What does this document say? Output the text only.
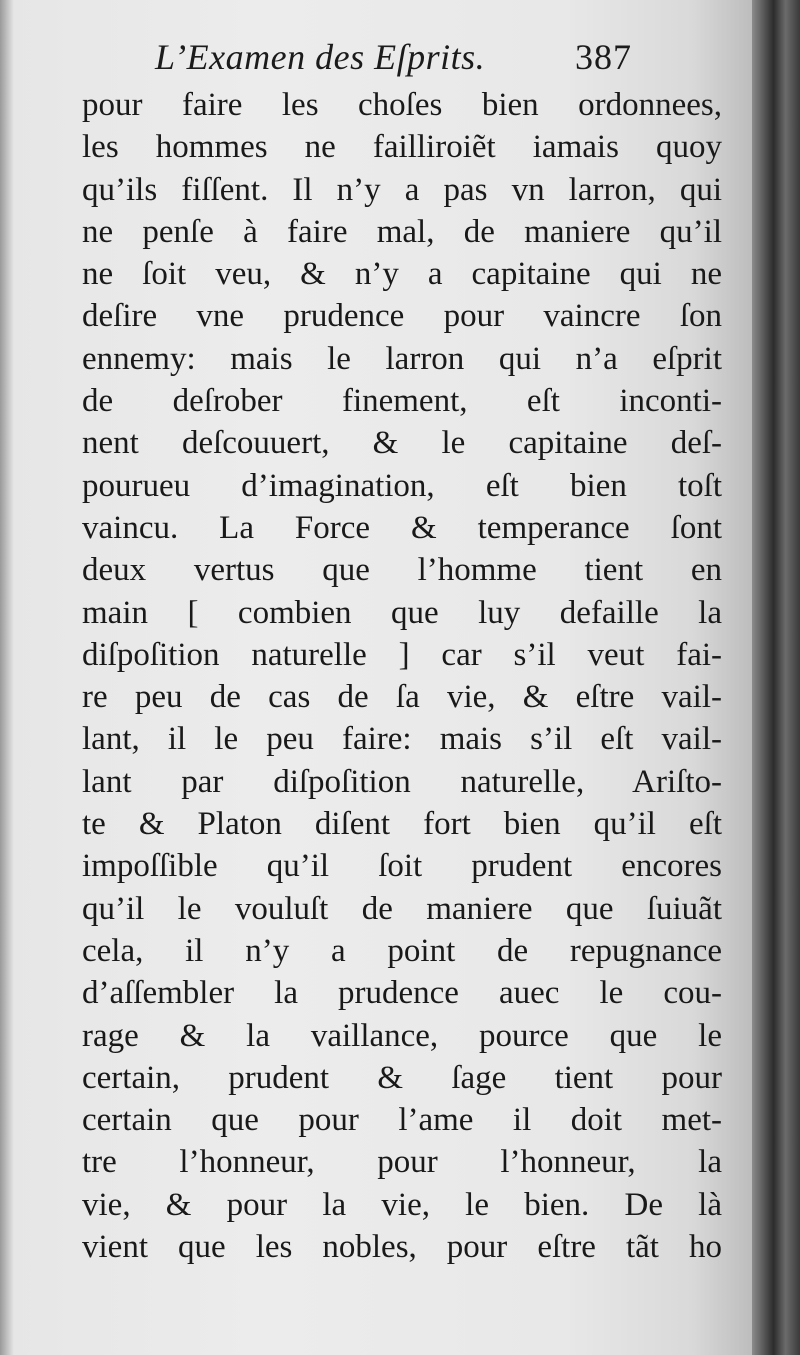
L’Examen des Eſprits. 387
pour faire les choſes bien ordonnees,
les hommes ne failliroiẽt iamais quoy
qu’ils fiſſent. Il n’y a pas vn larron, qui
ne penſe à faire mal, de maniere qu’il
ne ſoit veu, & n’y a capitaine qui ne
deſire vne prudence pour vaincre ſon
ennemy: mais le larron qui n’a eſprit
de deſrober finement, eſt inconti-
nent deſcouuert, & le capitaine deſ-
pourueu d’imagination, eſt bien toſt
vaincu. La Force & temperance ſont
deux vertus que l’homme tient en
main [ combien que luy defaille la
diſpoſition naturelle ] car s’il veut fai-
re peu de cas de ſa vie, & eſtre vail-
lant, il le peu faire: mais s’il eſt vail-
lant par diſpoſition naturelle, Ariſto-
te & Platon diſent fort bien qu’il eſt
impoſſible qu’il ſoit prudent encores
qu’il le vouluſt de maniere que ſuiuãt
cela, il n’y a point de repugnance
d’aſſembler la prudence auec le cou-
rage & la vaillance, pource que le
certain, prudent & ſage tient pour
certain que pour l’ame il doit met-
tre l’honneur, pour l’honneur, la
vie, & pour la vie, le bien. De là
vient que les nobles, pour eſtre tãt ho
